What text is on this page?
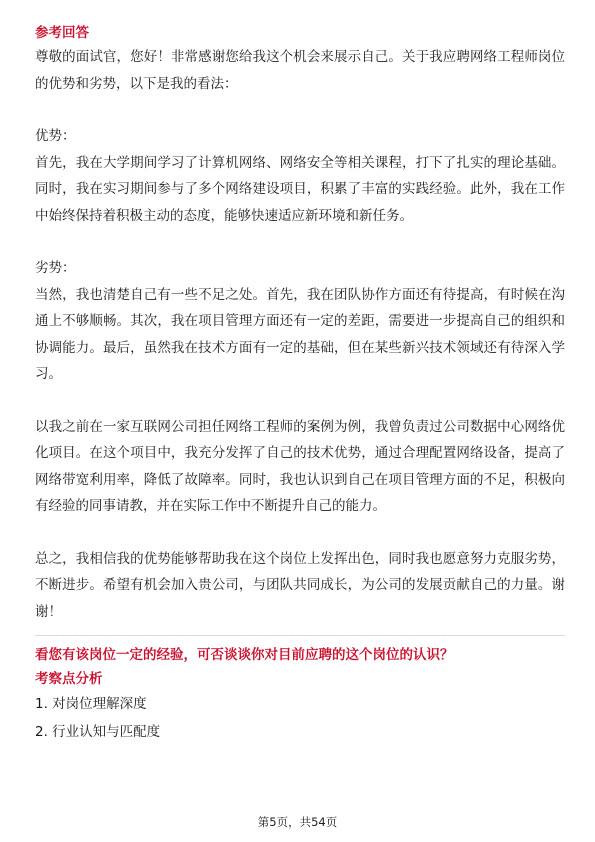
参考回答

尊敬的面试官，您好！非常感谢您给我这个机会来展示自己。关于我应聘网络工程师岗位的优势和劣势，以下是我的看法：

优势：

首先，我在大学期间学习了计算机网络、网络安全等相关课程，打下了扎实的理论基础。同时，我在实习期间参与了多个网络建设项目，积累了丰富的实践经验。此外，我在工作中始终保持着积极主动的态度，能够快速适应新环境和新任务。

劣势：

当然，我也清楚自己有一些不足之处。首先，我在团队协作方面还有待提高，有时候在沟通上不够顺畅。其次，我在项目管理方面还有一定的差距，需要进一步提高自己的组织和协调能力。最后，虽然我在技术方面有一定的基础，但在某些新兴技术领域还有待深入学习。

以我之前在一家互联网公司担任网络工程师的案例为例，我曾负责过公司数据中心网络优化项目。在这个项目中，我充分发挥了自己的技术优势，通过合理配置网络设备，提高了网络带宽利用率，降低了故障率。同时，我也认识到自己在项目管理方面的不足，积极向有经验的同事请教，并在实际工作中不断提升自己的能力。

总之，我相信我的优势能够帮助我在这个岗位上发挥出色，同时我也愿意努力克服劣势，不断进步。希望有机会加入贵公司，与团队共同成长，为公司的发展贡献自己的力量。谢谢！

看您有该岗位一定的经验，可否谈谈你对目前应聘的这个岗位的认识？

考察点分析

1. 对岗位理解深度

2. 行业认知与匹配度

第5页，共54页
